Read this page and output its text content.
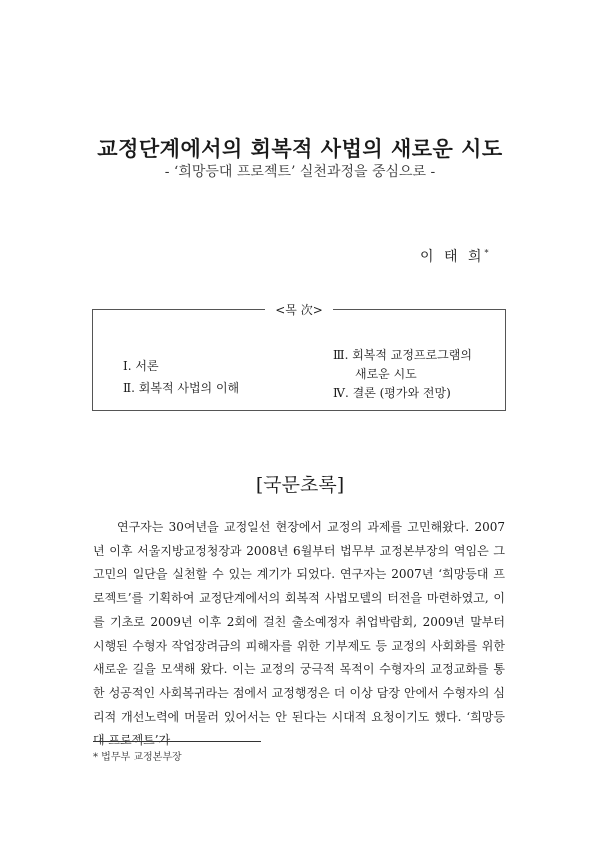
교정단계에서의 회복적 사법의 새로운 시도
- ‘희망등대 프로젝트’ 실천과정을 중심으로 -
이 태 희*
<목 次>
Ⅰ. 서론
Ⅱ. 회복적 사법의 이해
Ⅲ. 회복적 교정프로그램의
새로운 시도
Ⅳ. 결론 (평가와 전망)
[국문초록]
연구자는 30여년을 교정일선 현장에서 교정의 과제를 고민해왔다. 2007년 이후 서울지방교정청장과 2008년 6월부터 법무부 교정본부장의 역임은 그 고민의 일단을 실천할 수 있는 계기가 되었다. 연구자는 2007년 ‘희망등대 프로젝트’를 기획하여 교정단계에서의 회복적 사법모델의 터전을 마련하였고, 이를 기초로 2009년 이후 2회에 걸친 출소예정자 취업박람회, 2009년 말부터 시행된 수형자 작업장려금의 피해자를 위한 기부제도 등 교정의 사회화를 위한 새로운 길을 모색해 왔다. 이는 교정의 궁극적 목적이 수형자의 교정교화를 통한 성공적인 사회복귀라는 점에서 교정행정은 더 이상 담장 안에서 수형자의 심리적 개선노력에 머물러 있어서는 안 된다는 시대적 요청이기도 했다. ‘희망등대 프로젝트’가
* 법무부 교정본부장
